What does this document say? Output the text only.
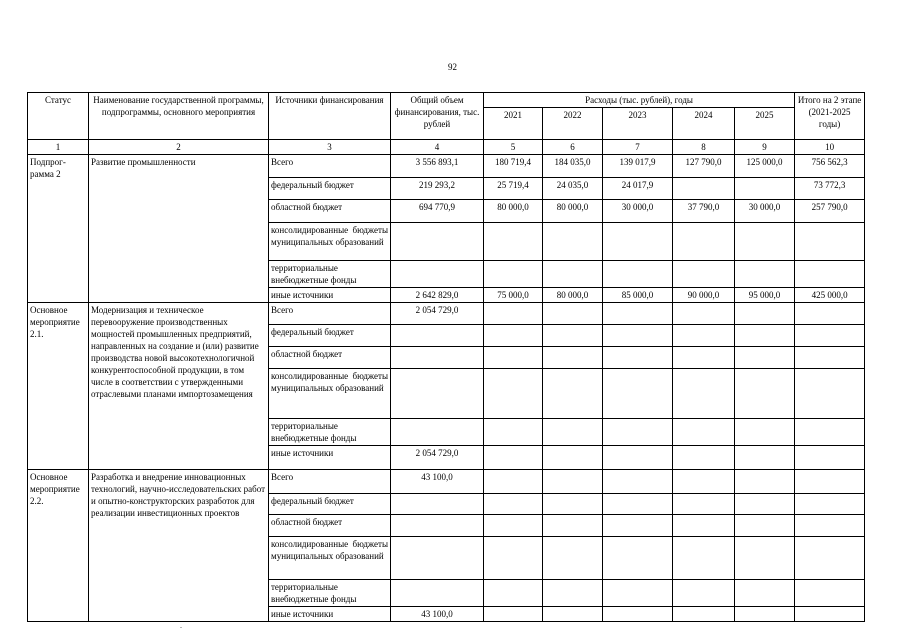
92
Статус	Наименование государственной программы, подпрограммы, основного мероприятия	Источники финансирования	Общий объем финансирования, тыс. рублей	Расходы (тыс. рублей), годы					Итого на 2 этапе (2021-2025 годы)
				2021	2022	2023	2024	2025	
1	2	3	4	5	6	7	8	9	10
Подпрог-рамма 2	Развитие промышленности	Всего	3 556 893,1	180 719,4	184 035,0	139 017,9	127 790,0	125 000,0	756 562,3
		федеральный бюджет	219 293,2	25 719,4	24 035,0	24 017,9			73 772,3
		областной бюджет	694 770,9	80 000,0	80 000,0	30 000,0	37 790,0	30 000,0	257 790,0
		консолидированные бюджеты муниципальных образований							
		территориальные внебюджетные фонды							
		иные источники	2 642 829,0	75 000,0	80 000,0	85 000,0	90 000,0	95 000,0	425 000,0
Основное мероприятие 2.1.	Модернизация и техническое перевооружение производственных мощностей промышленных предприятий, направленных на создание и (или) развитие производства новой высокотехнологичной конкурентоспособной продукции, в том числе в соответствии с утвержденными отраслевыми планами импортозамещения	Всего	2 054 729,0						
		федеральный бюджет							
		областной бюджет							
		консолидированные бюджеты муниципальных образований							
		территориальные внебюджетные фонды							
		иные источники	2 054 729,0						
Основное мероприятие 2.2.	Разработка и внедрение инновационных технологий, научно-исследовательских работ и опытно-конструкторских разработок для реализации инвестиционных проектов	Всего	43 100,0						
		федеральный бюджет							
		областной бюджет							
		консолидированные бюджеты муниципальных образований							
		территориальные внебюджетные фонды							
		иные источники	43 100,0						
.
